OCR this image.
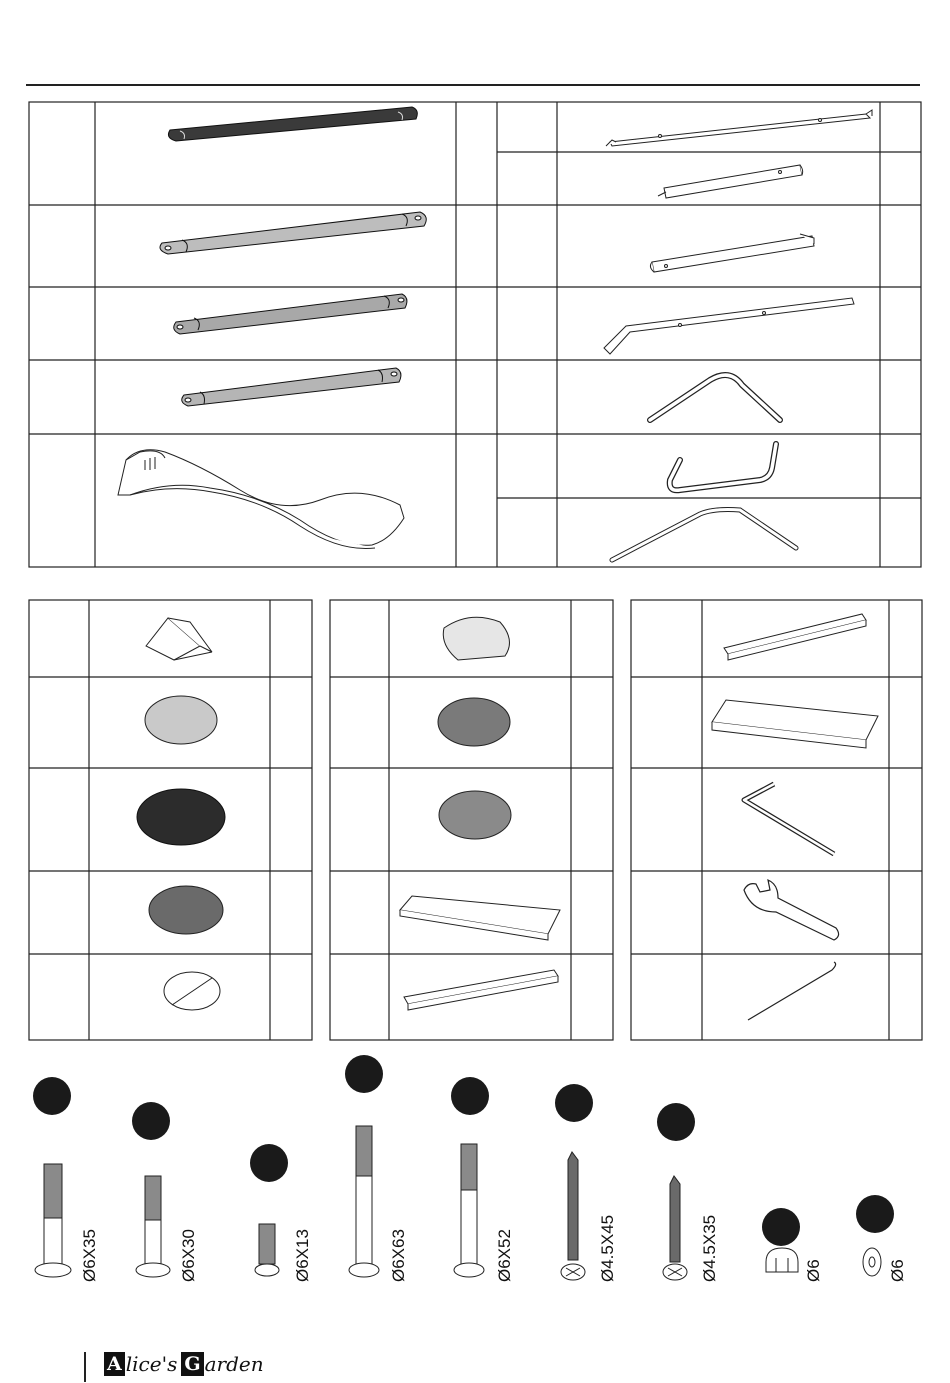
Ø6X35	Ø6X30	Ø6X13	Ø6X63	Ø6X52	Ø4.5X45	Ø4.5X35	Ø6	Ø6
A lice's G arden
